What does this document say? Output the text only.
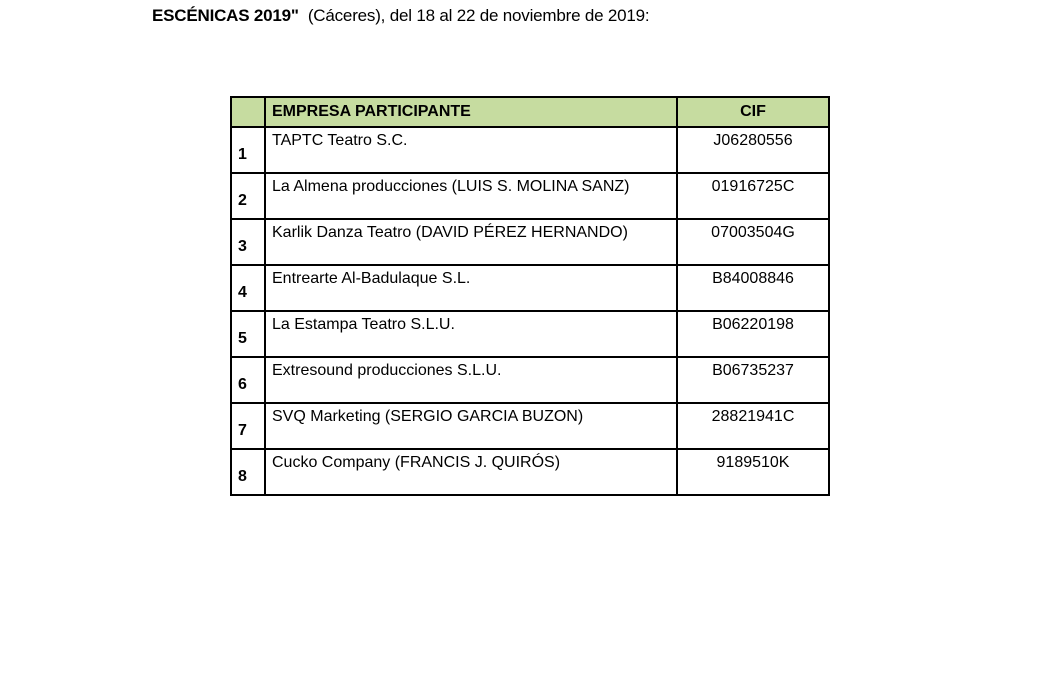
ESCÉNICAS 2019" (Cáceres), del 18 al 22 de noviembre de 2019:
	EMPRESA PARTICIPANTE	CIF
1	TAPTC Teatro S.C.	J06280556
2	La Almena producciones (LUIS S. MOLINA SANZ)	01916725C
3	Karlik Danza Teatro (DAVID PÉREZ HERNANDO)	07003504G
4	Entrearte Al-Badulaque S.L.	B84008846
5	La Estampa Teatro S.L.U.	B06220198
6	Extresound producciones S.L.U.	B06735237
7	SVQ Marketing (SERGIO GARCIA BUZON)	28821941C
8	Cucko Company (FRANCIS J. QUIRÓS)	9189510K
